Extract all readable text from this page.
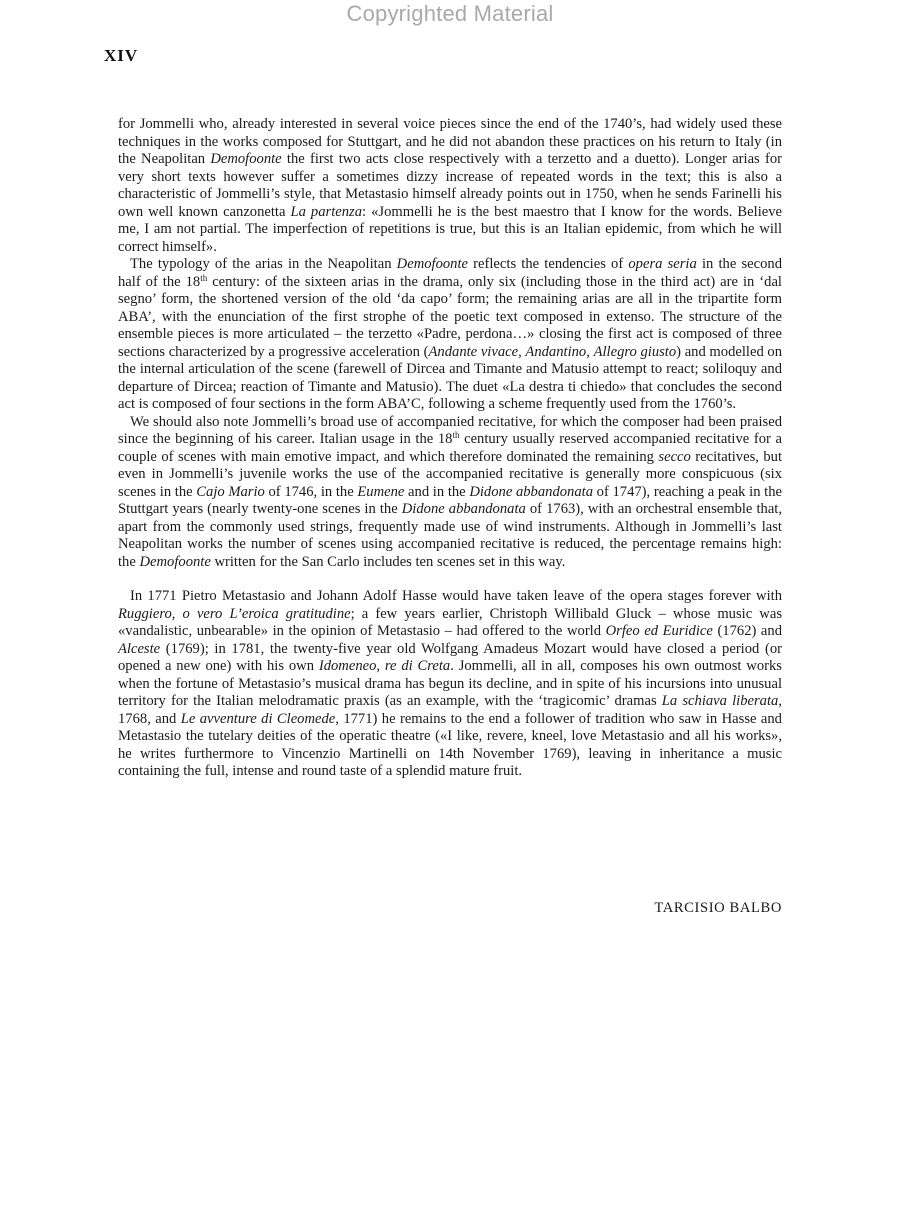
Copyrighted Material
XIV

for Jommelli who, already interested in several voice pieces since the end of the 1740’s, had widely used these techniques in the works composed for Stuttgart, and he did not abandon these practices on his return to Italy (in the Neapolitan Demofoonte the first two acts close respectively with a terzetto and a duetto). Longer arias for very short texts however suffer a sometimes dizzy increase of repeated words in the text; this is also a characteristic of Jommelli’s style, that Metastasio himself already points out in 1750, when he sends Farinelli his own well known canzonetta La partenza: «Jommelli he is the best maestro that I know for the words. Believe me, I am not partial. The imperfection of repetitions is true, but this is an Italian epidemic, from which he will correct himself».

The typology of the arias in the Neapolitan Demofoonte reflects the tendencies of opera seria in the second half of the 18th century: of the sixteen arias in the drama, only six (including those in the third act) are in ‘dal segno’ form, the shortened version of the old ‘da capo’ form; the remaining arias are all in the tripartite form ABA’, with the enunciation of the first strophe of the poetic text composed in extenso. The structure of the ensemble pieces is more articulated – the terzetto «Padre, perdona…» closing the first act is composed of three sections characterized by a progressive acceleration (Andante vivace, Andantino, Allegro giusto) and modelled on the internal articulation of the scene (farewell of Dircea and Timante and Matusio attempt to react; soliloquy and departure of Dircea; reaction of Timante and Matusio). The duet «La destra ti chiedo» that concludes the second act is composed of four sections in the form ABA’C, following a scheme frequently used from the 1760’s.

We should also note Jommelli’s broad use of accompanied recitative, for which the composer had been praised since the beginning of his career. Italian usage in the 18th century usually reserved accompanied recitative for a couple of scenes with main emotive impact, and which therefore dominated the remaining secco recitatives, but even in Jommelli’s juvenile works the use of the accompanied recitative is generally more conspicuous (six scenes in the Cajo Mario of 1746, in the Eumene and in the Didone abbandonata of 1747), reaching a peak in the Stuttgart years (nearly twenty-one scenes in the Didone abbandonata of 1763), with an orchestral ensemble that, apart from the commonly used strings, frequently made use of wind instruments. Although in Jommelli’s last Neapolitan works the number of scenes using accompanied recitative is reduced, the percentage remains high: the Demofoonte written for the San Carlo includes ten scenes set in this way.

In 1771 Pietro Metastasio and Johann Adolf Hasse would have taken leave of the opera stages forever with Ruggiero, o vero L’eroica gratitudine; a few years earlier, Christoph Willibald Gluck – whose music was «vandalistic, unbearable» in the opinion of Metastasio – had offered to the world Orfeo ed Euridice (1762) and Alceste (1769); in 1781, the twenty-five year old Wolfgang Amadeus Mozart would have closed a period (or opened a new one) with his own Idomeneo, re di Creta. Jommelli, all in all, composes his own outmost works when the fortune of Metastasio’s musical drama has begun its decline, and in spite of his incursions into unusual territory for the Italian melodramatic praxis (as an example, with the ‘tragicomic’ dramas La schiava liberata, 1768, and Le avventure di Cleomede, 1771) he remains to the end a follower of tradition who saw in Hasse and Metastasio the tutelary deities of the operatic theatre («I like, revere, kneel, love Metastasio and all his works», he writes furthermore to Vincenzio Martinelli on 14th November 1769), leaving in inheritance a music containing the full, intense and round taste of a splendid mature fruit.

TARCISIO BALBO
